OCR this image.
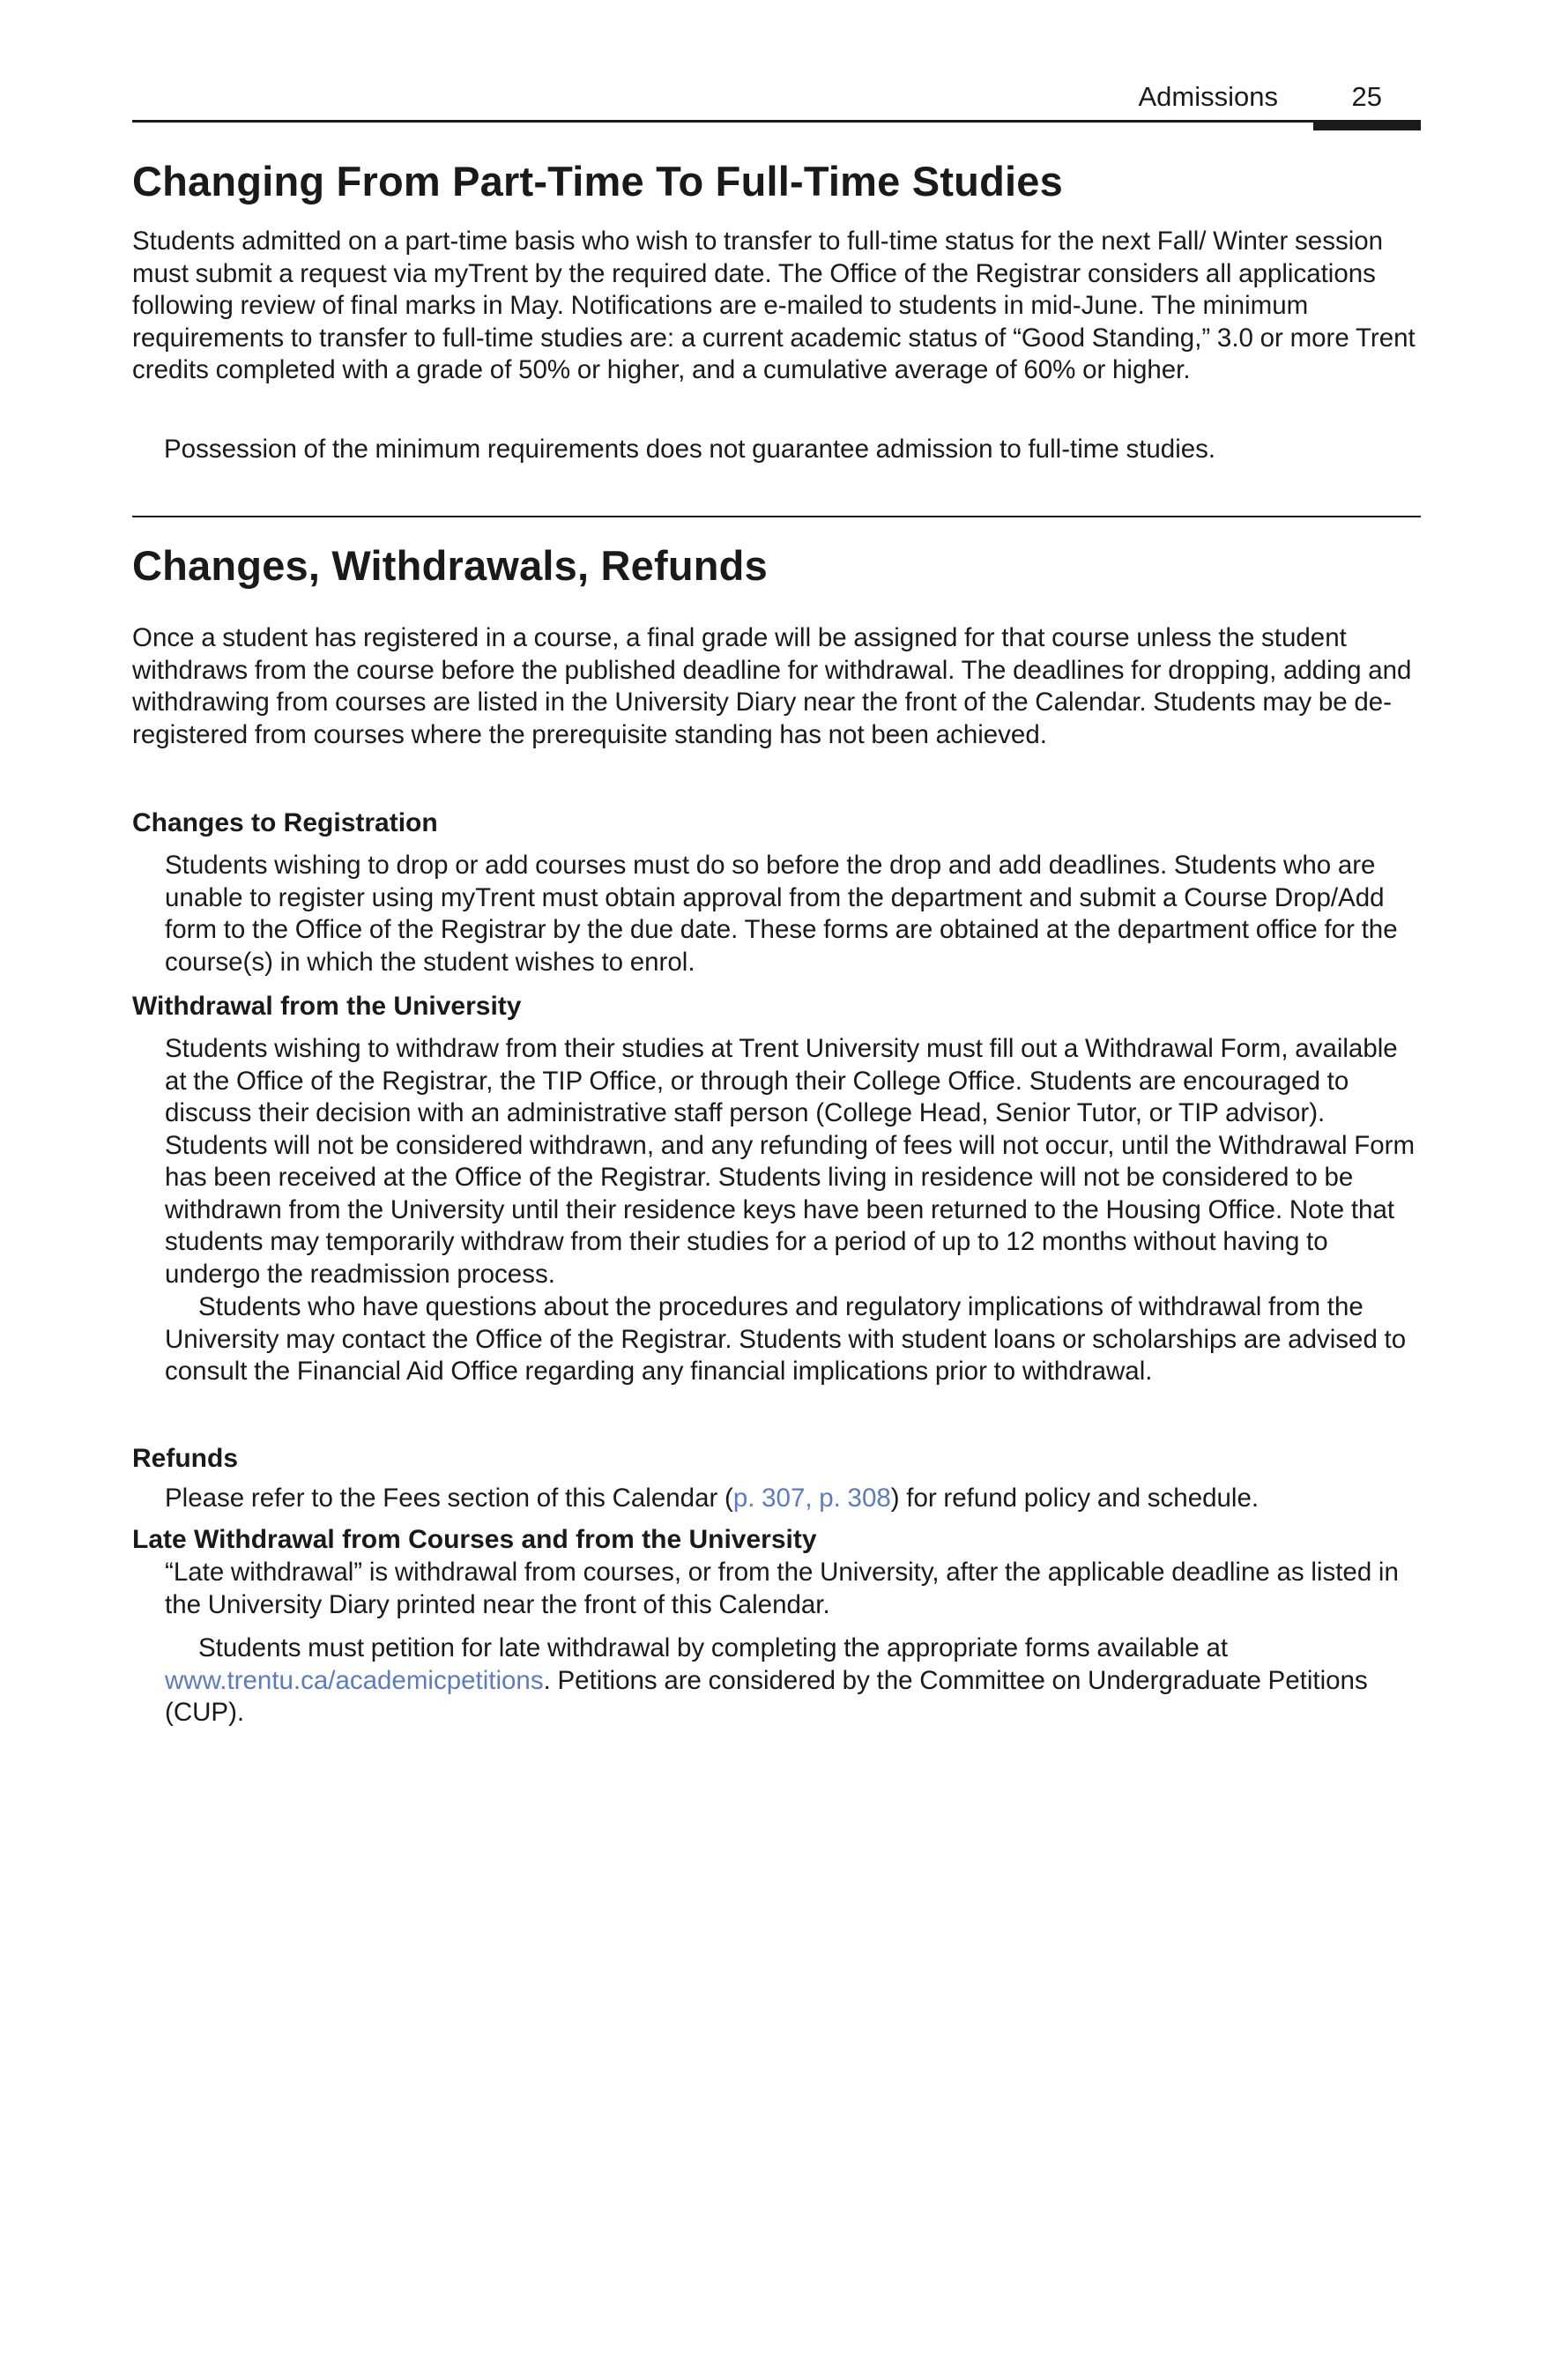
Admissions	25
Changing From Part-Time To Full-Time Studies

Students admitted on a part-time basis who wish to transfer to full-time status for the next Fall/ Winter session must submit a request via myTrent by the required date. The Office of the Registrar considers all applications following review of final marks in May. Notifications are e-mailed to students in mid-June. The minimum requirements to transfer to full-time studies are: a current academic status of “Good Standing,” 3.0 or more Trent credits completed with a grade of 50% or higher, and a cumulative average of 60% or higher.

Possession of the minimum requirements does not guarantee admission to full-time studies.

Changes, Withdrawals, Refunds

Once a student has registered in a course, a final grade will be assigned for that course unless the student withdraws from the course before the published deadline for withdrawal. The deadlines for dropping, adding and withdrawing from courses are listed in the University Diary near the front of the Calendar. Students may be de-registered from courses where the prerequisite standing has not been achieved.

Changes to Registration

Students wishing to drop or add courses must do so before the drop and add deadlines. Students who are unable to register using myTrent must obtain approval from the department and submit a Course Drop/Add form to the Office of the Registrar by the due date. These forms are obtained at the department office for the course(s) in which the student wishes to enrol.

Withdrawal from the University

Students wishing to withdraw from their studies at Trent University must fill out a Withdrawal Form, available at the Office of the Registrar, the TIP Office, or through their College Office. Students are encouraged to discuss their decision with an administrative staff person (College Head, Senior Tutor, or TIP advisor). Students will not be considered withdrawn, and any refunding of fees will not occur, until the Withdrawal Form has been received at the Office of the Registrar. Students living in residence will not be considered to be withdrawn from the University until their residence keys have been returned to the Housing Office. Note that students may temporarily withdraw from their studies for a period of up to 12 months without having to undergo the readmission process.

Students who have questions about the procedures and regulatory implications of withdrawal from the University may contact the Office of the Registrar. Students with student loans or scholarships are advised to consult the Financial Aid Office regarding any financial implications prior to withdrawal.

Refunds

Please refer to the Fees section of this Calendar (p. 307, p. 308) for refund policy and schedule.

Late Withdrawal from Courses and from the University

“Late withdrawal” is withdrawal from courses, or from the University, after the applicable deadline as listed in the University Diary printed near the front of this Calendar.

Students must petition for late withdrawal by completing the appropriate forms available at www.trentu.ca/academicpetitions. Petitions are considered by the Committee on Undergraduate Petitions (CUP).
